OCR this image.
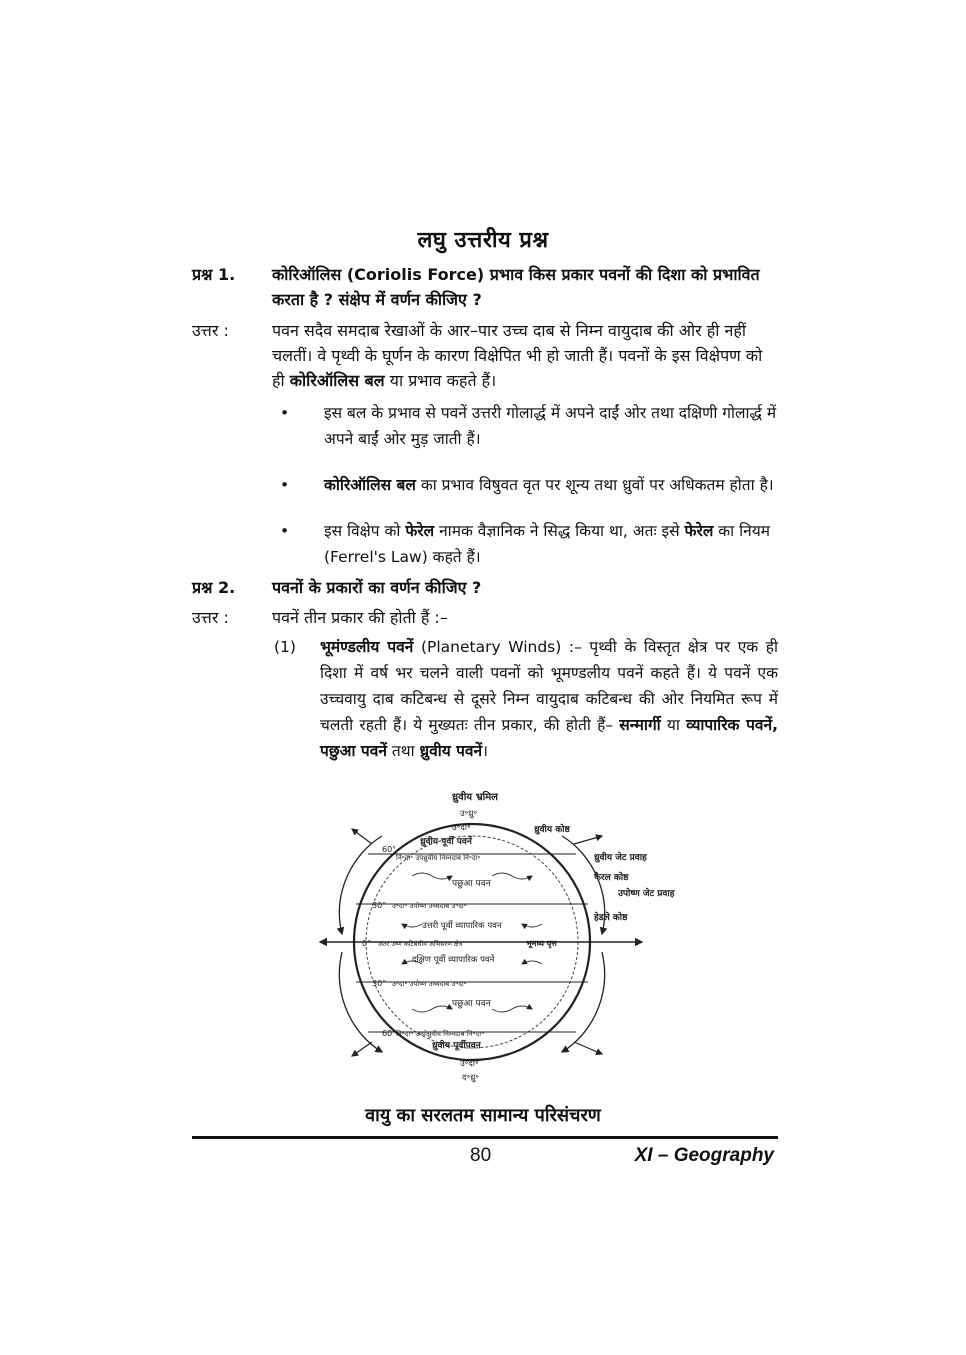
लघु उत्तरीय प्रश्न
प्रश्न 1. कोरिऑलिस (Coriolis Force) प्रभाव किस प्रकार पवनों की दिशा को प्रभावित करता है ? संक्षेप में वर्णन कीजिए ?
उत्तर :	पवन सदैव समदाब रेखाओं के आर–पार उच्च दाब से निम्न वायुदाब की ओर ही नहीं चलतीं। वे पृथ्वी के घूर्णन के कारण विक्षेपित भी हो जाती हैं। पवनों के इस विक्षेपण को ही कोरिऑलिस बल या प्रभाव कहते हैं।
• इस बल के प्रभाव से पवनें उत्तरी गोलार्द्ध में अपने दाईं ओर तथा दक्षिणी गोलार्द्ध में अपने बाईं ओर मुड़ जाती हैं।
• कोरिऑलिस बल का प्रभाव विषुवत वृत पर शून्य तथा ध्रुवों पर अधिकतम होता है।
• इस विक्षेप को फेरेल नामक वैज्ञानिक ने सिद्ध किया था, अतः इसे फेरेल का नियम (Ferrel's Law) कहते हैं।
प्रश्न 2. पवनों के प्रकारों का वर्णन कीजिए ?
उत्तर :	पवनें तीन प्रकार की होती हैं :–
(1)	भूमंण्डलीय पवनें (Planetary Winds) :– पृथ्वी के विस्तृत क्षेत्र पर एक ही दिशा में वर्ष भर चलने वाली पवनों को भूमण्डलीय पवनें कहते हैं। ये पवनें एक उच्चवायु दाब कटिबन्ध से दूसरे निम्न वायुदाब कटिबन्ध की ओर नियमित रूप में चलती रहती हैं। ये मुख्यतः तीन प्रकार, की होती हैं– सन्मार्गी या व्यापारिक पवनें, पछुआ पवनें तथा ध्रुवीय पवनें।
ध्रुवीय भ्रमिल
उ॰ध्रु॰
उ॰दा॰	ध्रुवीय कोष्ठ
ध्रुवीय पूर्वी पवनें
नि॰दा॰ उपध्रुवीय निम्नदाब नि॰दा॰
60°
ध्रुवीय जेट प्रवाह
पछुआ पवन
फैरल कोष्ठ
उपोष्ण जेट प्रवाह
30° उ॰दा॰ उपोष्ण उच्चदाब उ॰दा॰
हेडले कोष्ठ
उत्तरी पूर्वी व्यापारिक पवन
0° अंतर उष्ण कटिबंधीय अभिसरण क्षेत्र	भूमध्य वृत्त
दक्षिण पूर्वी व्यापारिक पवनें
30° उ॰दा॰ उपोष्ण उच्चदाब उ॰दा॰
पछुआ पवन
60° नि॰दा॰ अधोध्रुवीय निम्नदाब नि॰दा॰
ध्रुवीय पूर्वीपवन
उ॰दा॰
द॰ध्रु॰
वायु का सरलतम सामान्य परिसंचरण
80	XI – Geography
